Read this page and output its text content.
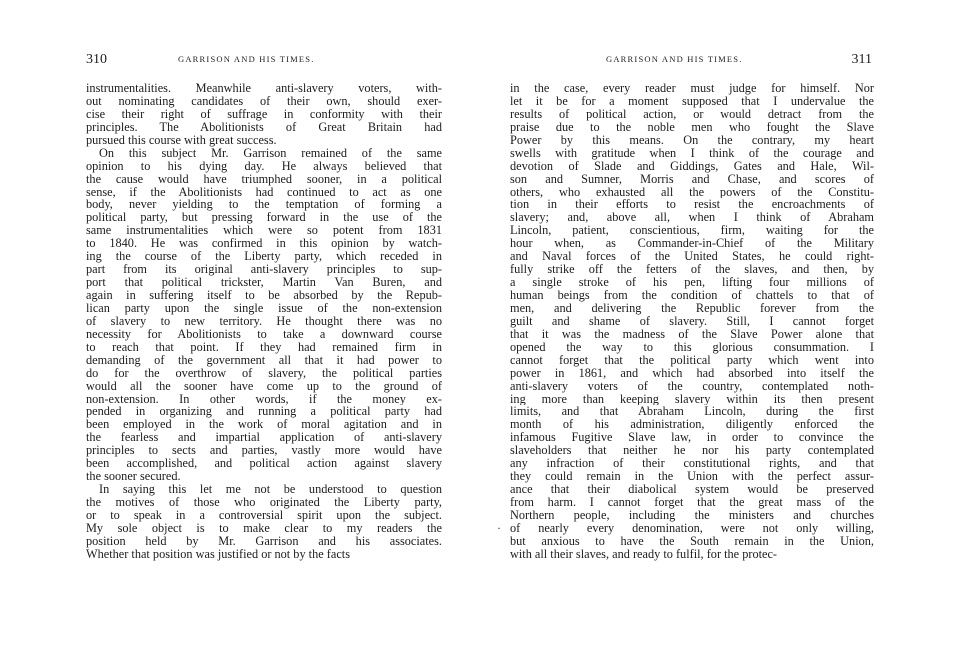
310	GARRISON AND HIS TIMES.
instrumentalities. Meanwhile anti-slavery voters, with-
out nominating candidates of their own, should exer-
cise their right of suffrage in conformity with their
principles. The Abolitionists of Great Britain had
pursued this course with great success.
On this subject Mr. Garrison remained of the same
opinion to his dying day. He always believed that
the cause would have triumphed sooner, in a political
sense, if the Abolitionists had continued to act as one
body, never yielding to the temptation of forming a
political party, but pressing forward in the use of the
same instrumentalities which were so potent from 1831
to 1840. He was confirmed in this opinion by watch-
ing the course of the Liberty party, which receded in
part from its original anti-slavery principles to sup-
port that political trickster, Martin Van Buren, and
again in suffering itself to be absorbed by the Repub-
lican party upon the single issue of the non-extension
of slavery to new territory. He thought there was no
necessity for Abolitionists to take a downward course
to reach that point. If they had remained firm in
demanding of the government all that it had power to
do for the overthrow of slavery, the political parties
would all the sooner have come up to the ground of
non-extension. In other words, if the money ex-
pended in organizing and running a political party had
been employed in the work of moral agitation and in
the fearless and impartial application of anti-slavery
principles to sects and parties, vastly more would have
been accomplished, and political action against slavery
the sooner secured.
In saying this let me not be understood to question
the motives of those who originated the Liberty party,
or to speak in a controversial spirit upon the subject.
My sole object is to make clear to my readers the
position held by Mr. Garrison and his associates.
Whether that position was justified or not by the facts
GARRISON AND HIS TIMES.	311
in the case, every reader must judge for himself. Nor
let it be for a moment supposed that I undervalue the
results of political action, or would detract from the
praise due to the noble men who fought the Slave
Power by this means. On the contrary, my heart
swells with gratitude when I think of the courage and
devotion of Slade and Giddings, Gates and Hale, Wil-
son and Sumner, Morris and Chase, and scores of
others, who exhausted all the powers of the Constitu-
tion in their efforts to resist the encroachments of
slavery; and, above all, when I think of Abraham
Lincoln, patient, conscientious, firm, waiting for the
hour when, as Commander-in-Chief of the Military
and Naval forces of the United States, he could right-
fully strike off the fetters of the slaves, and then, by
a single stroke of his pen, lifting four millions of
human beings from the condition of chattels to that of
men, and delivering the Republic forever from the
guilt and shame of slavery. Still, I cannot forget
that it was the madness of the Slave Power alone that
opened the way to this glorious consummation. I
cannot forget that the political party which went into
power in 1861, and which had absorbed into itself the
anti-slavery voters of the country, contemplated noth-
ing more than keeping slavery within its then present
limits, and that Abraham Lincoln, during the first
month of his administration, diligently enforced the
infamous Fugitive Slave law, in order to convince the
slaveholders that neither he nor his party contemplated
any infraction of their constitutional rights, and that
they could remain in the Union with the perfect assur-
ance that their diabolical system would be preserved
from harm. I cannot forget that the great mass of the
Northern people, including the ministers and churches
of nearly every denomination, were not only willing,
but anxious to have the South remain in the Union,
with all their slaves, and ready to fulfil, for the protec-
·
